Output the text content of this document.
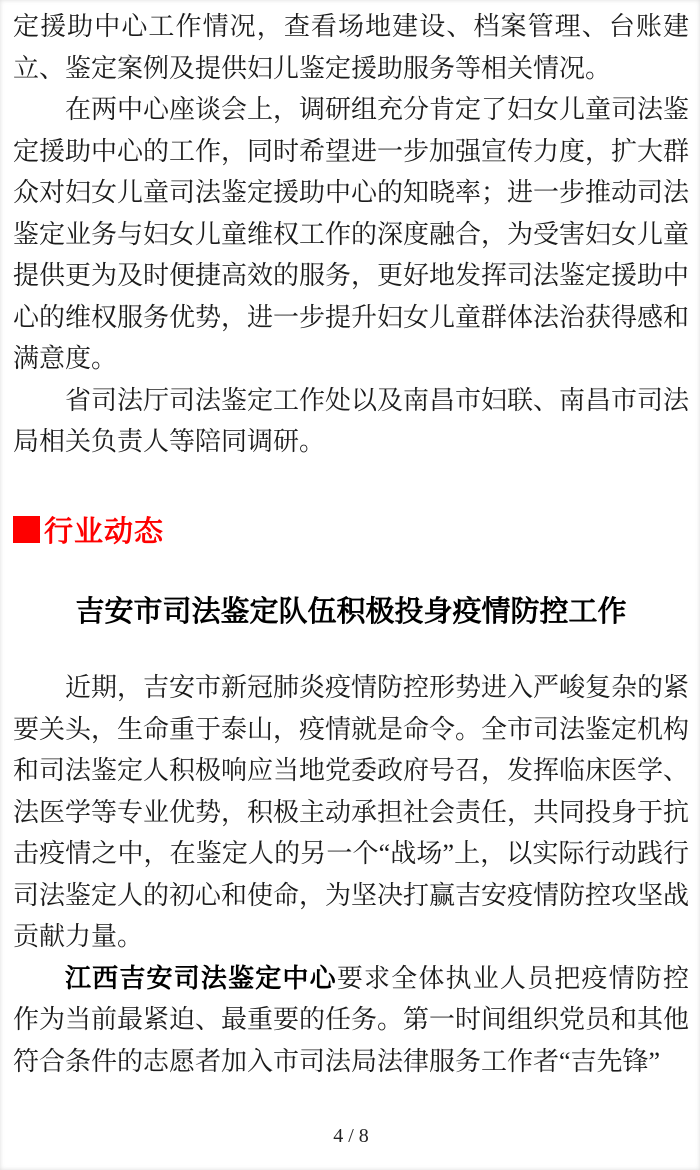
定援助中心工作情况，查看场地建设、档案管理、台账建立、鉴定案例及提供妇儿鉴定援助服务等相关情况。

在两中心座谈会上，调研组充分肯定了妇女儿童司法鉴定援助中心的工作，同时希望进一步加强宣传力度，扩大群众对妇女儿童司法鉴定援助中心的知晓率；进一步推动司法鉴定业务与妇女儿童维权工作的深度融合，为受害妇女儿童提供更为及时便捷高效的服务，更好地发挥司法鉴定援助中心的维权服务优势，进一步提升妇女儿童群体法治获得感和满意度。

省司法厅司法鉴定工作处以及南昌市妇联、南昌市司法局相关负责人等陪同调研。

行业动态
吉安市司法鉴定队伍积极投身疫情防控工作

近期，吉安市新冠肺炎疫情防控形势进入严峻复杂的紧要关头，生命重于泰山，疫情就是命令。全市司法鉴定机构和司法鉴定人积极响应当地党委政府号召，发挥临床医学、法医学等专业优势，积极主动承担社会责任，共同投身于抗击疫情之中，在鉴定人的另一个“战场”上，以实际行动践行司法鉴定人的初心和使命，为坚决打赢吉安疫情防控攻坚战贡献力量。

江西吉安司法鉴定中心要求全体执业人员把疫情防控作为当前最紧迫、最重要的任务。第一时间组织党员和其他符合条件的志愿者加入市司法局法律服务工作者“吉先锋”

4 / 8
